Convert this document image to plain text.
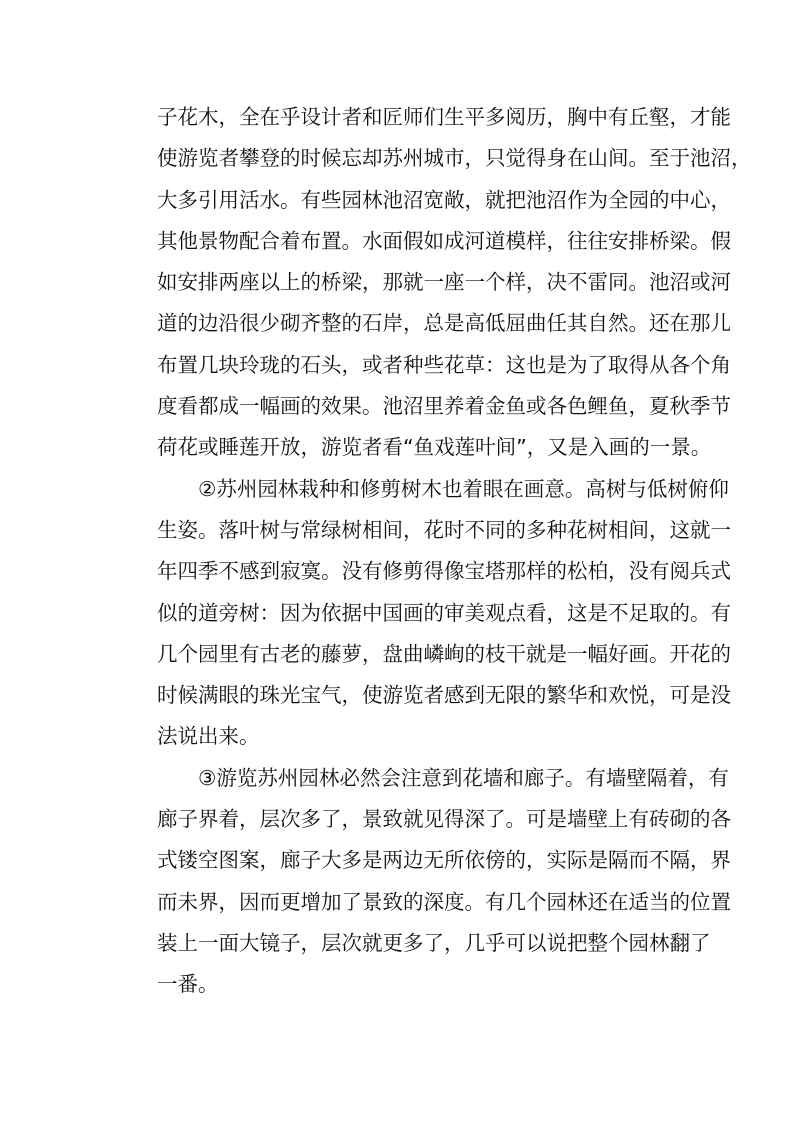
子花木，全在乎设计者和匠师们生平多阅历，胸中有丘壑，才能
使游览者攀登的时候忘却苏州城市，只觉得身在山间。至于池沼，
大多引用活水。有些园林池沼宽敞，就把池沼作为全园的中心，
其他景物配合着布置。水面假如成河道模样，往往安排桥梁。假
如安排两座以上的桥梁，那就一座一个样，决不雷同。池沼或河
道的边沿很少砌齐整的石岸，总是高低屈曲任其自然。还在那儿
布置几块玲珑的石头，或者种些花草：这也是为了取得从各个角
度看都成一幅画的效果。池沼里养着金鱼或各色鲤鱼，夏秋季节
荷花或睡莲开放，游览者看“鱼戏莲叶间”，又是入画的一景。
②苏州园林栽种和修剪树木也着眼在画意。高树与低树俯仰
生姿。落叶树与常绿树相间，花时不同的多种花树相间，这就一
年四季不感到寂寞。没有修剪得像宝塔那样的松柏，没有阅兵式
似的道旁树：因为依据中国画的审美观点看，这是不足取的。有
几个园里有古老的藤萝，盘曲嶙峋的枝干就是一幅好画。开花的
时候满眼的珠光宝气，使游览者感到无限的繁华和欢悦，可是没
法说出来。
③游览苏州园林必然会注意到花墙和廊子。有墙壁隔着，有
廊子界着，层次多了，景致就见得深了。可是墙壁上有砖砌的各
式镂空图案，廊子大多是两边无所依傍的，实际是隔而不隔，界
而未界，因而更增加了景致的深度。有几个园林还在适当的位置
装上一面大镜子，层次就更多了，几乎可以说把整个园林翻了
一番。
